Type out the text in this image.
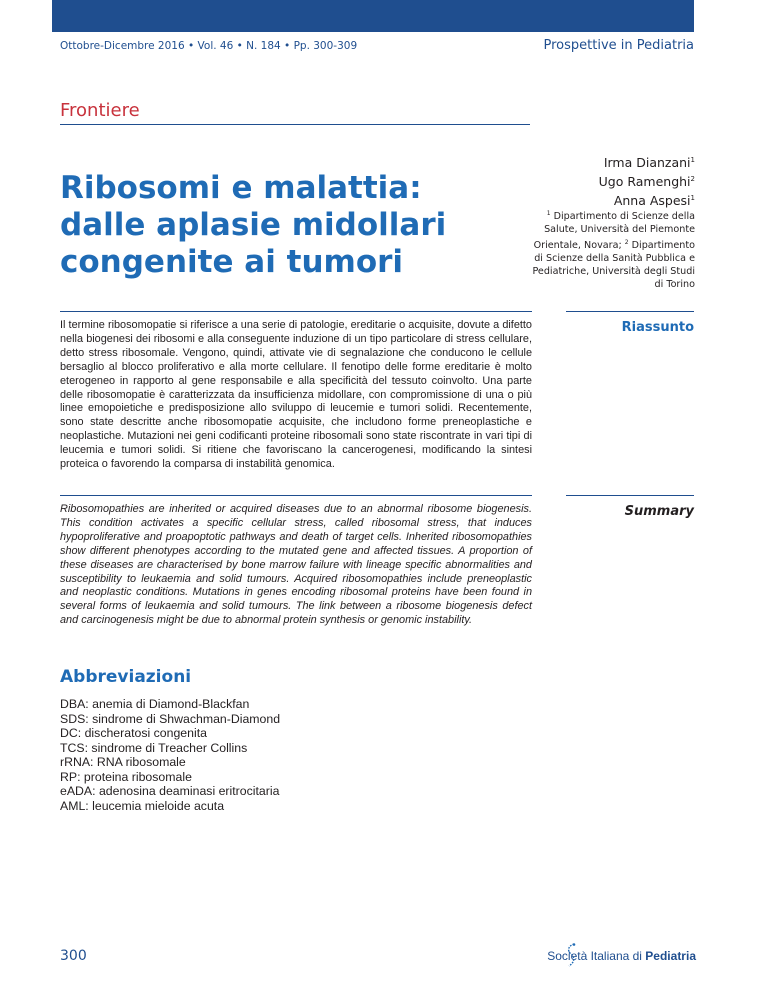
Ottobre-Dicembre 2016 • Vol. 46 • N. 184 • Pp. 300-309	Prospettive in Pediatria
Frontiere
Ribosomi e malattia:
dalle aplasie midollari
congenite ai tumori
Irma Dianzani$^1$
Ugo Ramenghi$^2$
Anna Aspesi$^1$
$^1$ Dipartimento di Scienze della Salute, Università del Piemonte Orientale, Novara; $^2$ Dipartimento di Scienze della Sanità Pubblica e Pediatriche, Università degli Studi di Torino
Riassunto

Il termine ribosomopatie si riferisce a una serie di patologie, ereditarie o acquisite, dovute a difetto nella biogenesi dei ribosomi e alla conseguente induzione di un tipo particolare di stress cellulare, detto stress ribosomale. Vengono, quindi, attivate vie di segnalazione che conducono le cellule bersaglio al blocco proliferativo e alla morte cellulare. Il fenotipo delle forme ereditarie è molto eterogeneo in rapporto al gene responsabile e alla specificità del tessuto coinvolto. Una parte delle ribosomopatie è caratterizzata da insufficienza midollare, con compromissione di una o più linee emopoietiche e predisposizione allo sviluppo di leucemie e tumori solidi. Recentemente, sono state descritte anche ribosomopatie acquisite, che includono forme preneoplastiche e neoplastiche. Mutazioni nei geni codificanti proteine ribosomali sono state riscontrate in vari tipi di leucemia e tumori solidi. Si ritiene che favoriscano la cancerogenesi, modificando la sintesi proteica o favorendo la comparsa di instabilità genomica.

Summary

Ribosomopathies are inherited or acquired diseases due to an abnormal ribosome biogenesis. This condition activates a specific cellular stress, called ribosomal stress, that induces hypoproliferative and proapoptotic pathways and death of target cells. Inherited ribosomopathies show different phenotypes according to the mutated gene and affected tissues. A proportion of these diseases are characterised by bone marrow failure with lineage specific abnormalities and susceptibility to leukaemia and solid tumours. Acquired ribosomopathies include preneoplastic and neoplastic conditions. Mutations in genes encoding ribosomal proteins have been found in several forms of leukaemia and solid tumours. The link between a ribosome biogenesis defect and carcinogenesis might be due to abnormal protein synthesis or genomic instability.

Abbreviazioni
DBA: anemia di Diamond-Blackfan
SDS: sindrome di Shwachman-Diamond
DC: discheratosi congenita
TCS: sindrome di Treacher Collins
rRNA: RNA ribosomale
RP: proteina ribosomale
eADA: adenosina deaminasi eritrocitaria
AML: leucemia mieloide acuta
300	Società Italiana di Pediatria
